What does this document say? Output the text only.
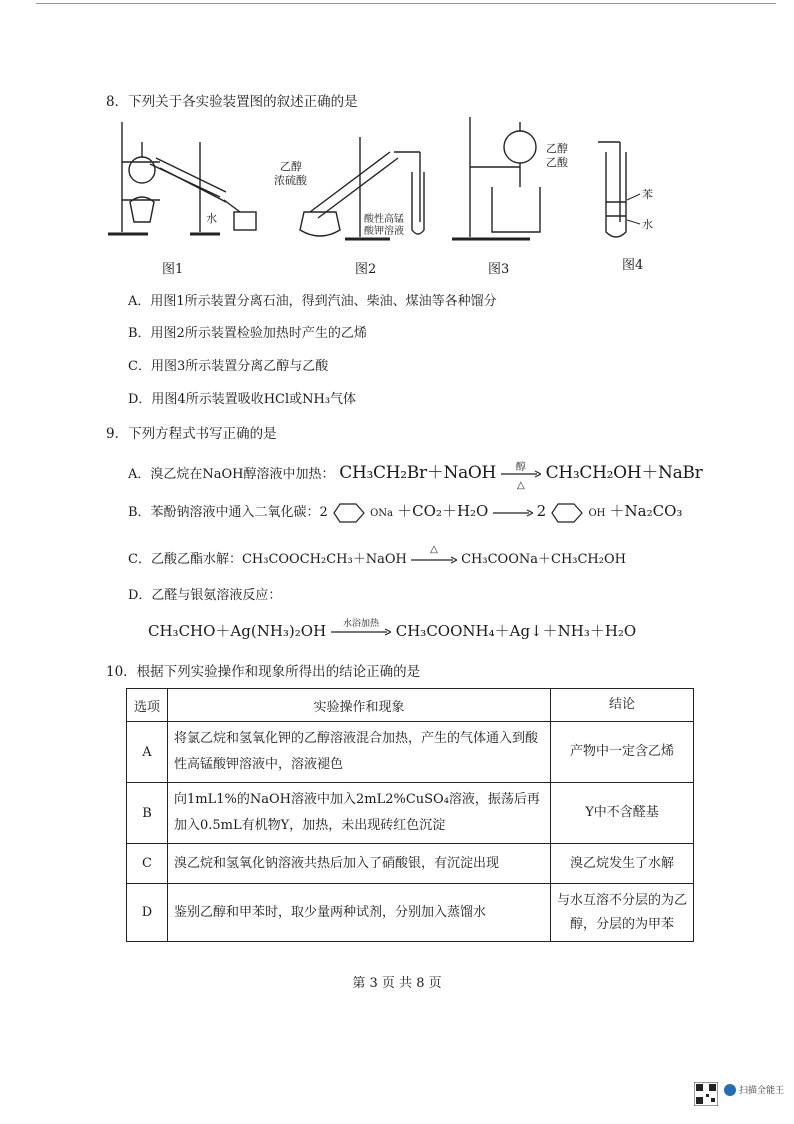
8．下列关于各实验装置图的叙述正确的是
水
乙醇
浓硫酸
酸性高锰
酸钾溶液
乙醇
乙酸
苯
水
图1	图2	图3	图4
A．用图1所示装置分离石油，得到汽油、柴油、煤油等各种馏分
B．用图2所示装置检验加热时产生的乙烯
C．用图3所示装置分离乙醇与乙酸
D．用图4所示装置吸收HCl或NH₃气体
9．下列方程式书写正确的是
A．溴乙烷在NaOH醇溶液中加热： CH₃CH₂Br＋NaOH	醇
△
CH₃CH₂OH＋NaBr
B．苯酚钠溶液中通入二氧化碳：2	ONa ＋CO₂＋H₂O	2	OH ＋Na₂CO₃
C．乙酸乙酯水解：CH₃COOCH₂CH₃＋NaOH
△
CH₃COONa＋CH₃CH₂OH
D．乙醛与银氨溶液反应：
CH₃CHO＋Ag(NH₃)₂OH	水浴加热	CH₃COONH₄＋Ag↓＋NH₃＋H₂O
10．根据下列实验操作和现象所得出的结论正确的是
选项	实验操作和现象	结论
A	将氯乙烷和氢氧化钾的乙醇溶液混合加热，产生的气体通入到酸性高锰酸钾溶液中，溶液褪色	产物中一定含乙烯
B	向1mL1%的NaOH溶液中加入2mL2%CuSO₄溶液，振荡后再加入0.5mL有机物Y，加热，未出现砖红色沉淀	Y中不含醛基
C	溴乙烷和氢氧化钠溶液共热后加入了硝酸银，有沉淀出现	溴乙烷发生了水解
D	鉴别乙醇和甲苯时，取少量两种试剂，分别加入蒸馏水	与水互溶不分层的为乙醇，分层的为甲苯
第 3 页 共 8 页
扫描全能王
